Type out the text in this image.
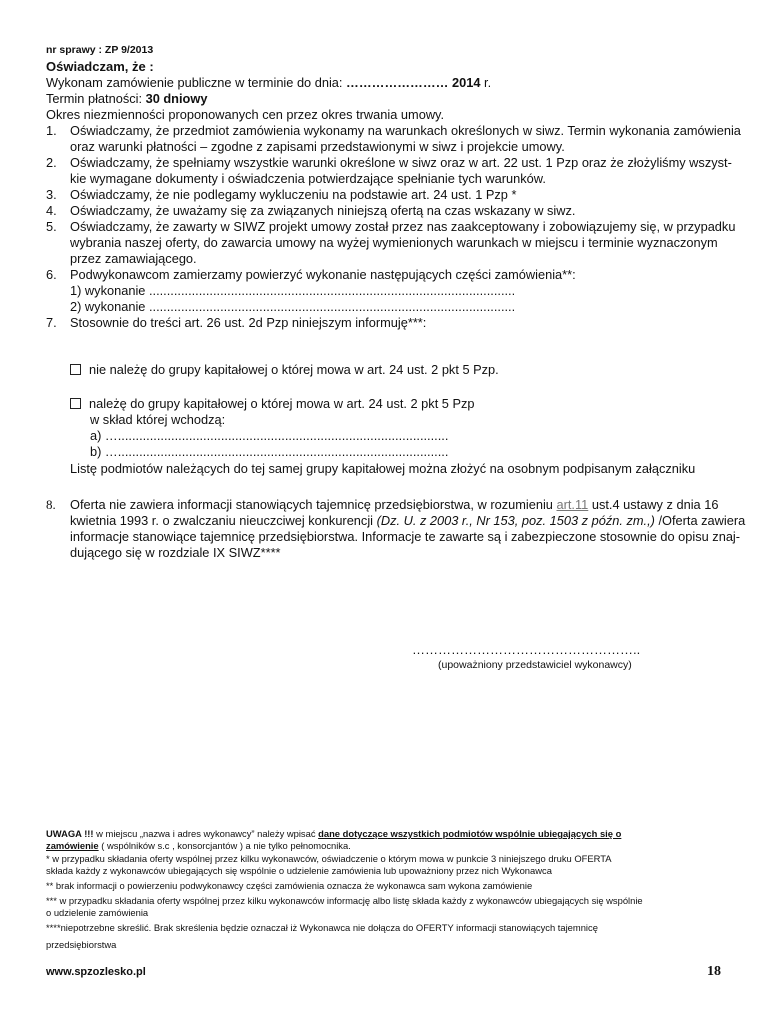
nr sprawy : ZP 9/2013
Oświadczam, że :
Wykonam zamówienie publiczne w terminie do dnia: …………………… 2014 r.
Termin płatności: 30 dniowy
Okres niezmienności proponowanych cen przez okres trwania umowy.
1.	Oświadczamy, że przedmiot zamówienia wykonamy na warunkach określonych w siwz. Termin wykonania zamówienia
oraz warunki płatności – zgodne z zapisami przedstawionymi w siwz i projekcie umowy.
2.	Oświadczamy, że spełniamy wszystkie warunki określone w siwz oraz w art. 22 ust. 1 Pzp oraz że złożyliśmy wszyst-
kie wymagane dokumenty i oświadczenia potwierdzające spełnianie tych warunków.
3.	Oświadczamy, że nie podlegamy wykluczeniu na podstawie art. 24 ust. 1 Pzp *
4.	Oświadczamy, że uważamy się za związanych niniejszą ofertą na czas wskazany w siwz.
5.	Oświadczamy, że zawarty w SIWZ projekt umowy został przez nas zaakceptowany i zobowiązujemy się, w przypadku
wybrania naszej oferty, do zawarcia umowy na wyżej wymienionych warunkach w miejscu i terminie wyznaczonym
przez zamawiającego.
6.	Podwykonawcom zamierzamy powierzyć wykonanie następujących części zamówienia**:
1) wykonanie .......................................................................................................
2) wykonanie .......................................................................................................
7.	Stosownie do treści art. 26 ust. 2d Pzp niniejszym informuję***:
nie należę do grupy kapitałowej o której mowa w art. 24 ust. 2 pkt 5 Pzp.
należę do grupy kapitałowej o której mowa w art. 24 ust. 2 pkt 5 Pzp
w skład której wchodzą:
a) ….............................................................................................
b) ….............................................................................................
Listę podmiotów należących do tej samej grupy kapitałowej można złożyć na osobnym podpisanym załączniku
8. Oferta nie zawiera informacji stanowiących tajemnicę przedsiębiorstwa, w rozumieniu art.11 ust.4 ustawy z dnia 16
kwietnia 1993 r. o zwalczaniu nieuczciwej konkurencji (Dz. U. z 2003 r., Nr 153, poz. 1503 z późn. zm.,) /Oferta zawiera
informacje stanowiące tajemnicę przedsiębiorstwa. Informacje te zawarte są i zabezpieczone stosownie do opisu znaj-
dującego się w rozdziale IX SIWZ****
……………………………………………..
(upoważniony przedstawiciel wykonawcy)
UWAGA !!! w miejscu „nazwa i adres wykonawcy” należy wpisać dane dotyczące wszystkich podmiotów wspólnie ubiegających się o
zamówienie ( wspólników s.c , konsorcjantów ) a nie tylko pełnomocnika.
* w przypadku składania oferty wspólnej przez kilku wykonawców, oświadczenie o którym mowa w punkcie 3 niniejszego druku OFERTA
składa każdy z wykonawców ubiegających się wspólnie o udzielenie zamówienia lub upoważniony przez nich Wykonawca
** brak informacji o powierzeniu podwykonawcy części zamówienia oznacza że wykonawca sam wykona zamówienie
*** w przypadku składania oferty wspólnej przez kilku wykonawców informację albo listę składa każdy z wykonawców ubiegających się wspólnie
o udzielenie zamówienia
****niepotrzebne skreślić. Brak skreślenia będzie oznaczał iż Wykonawca nie dołącza do OFERTY informacji stanowiących tajemnicę
przedsiębiorstwa
www.spzozlesko.pl	18
